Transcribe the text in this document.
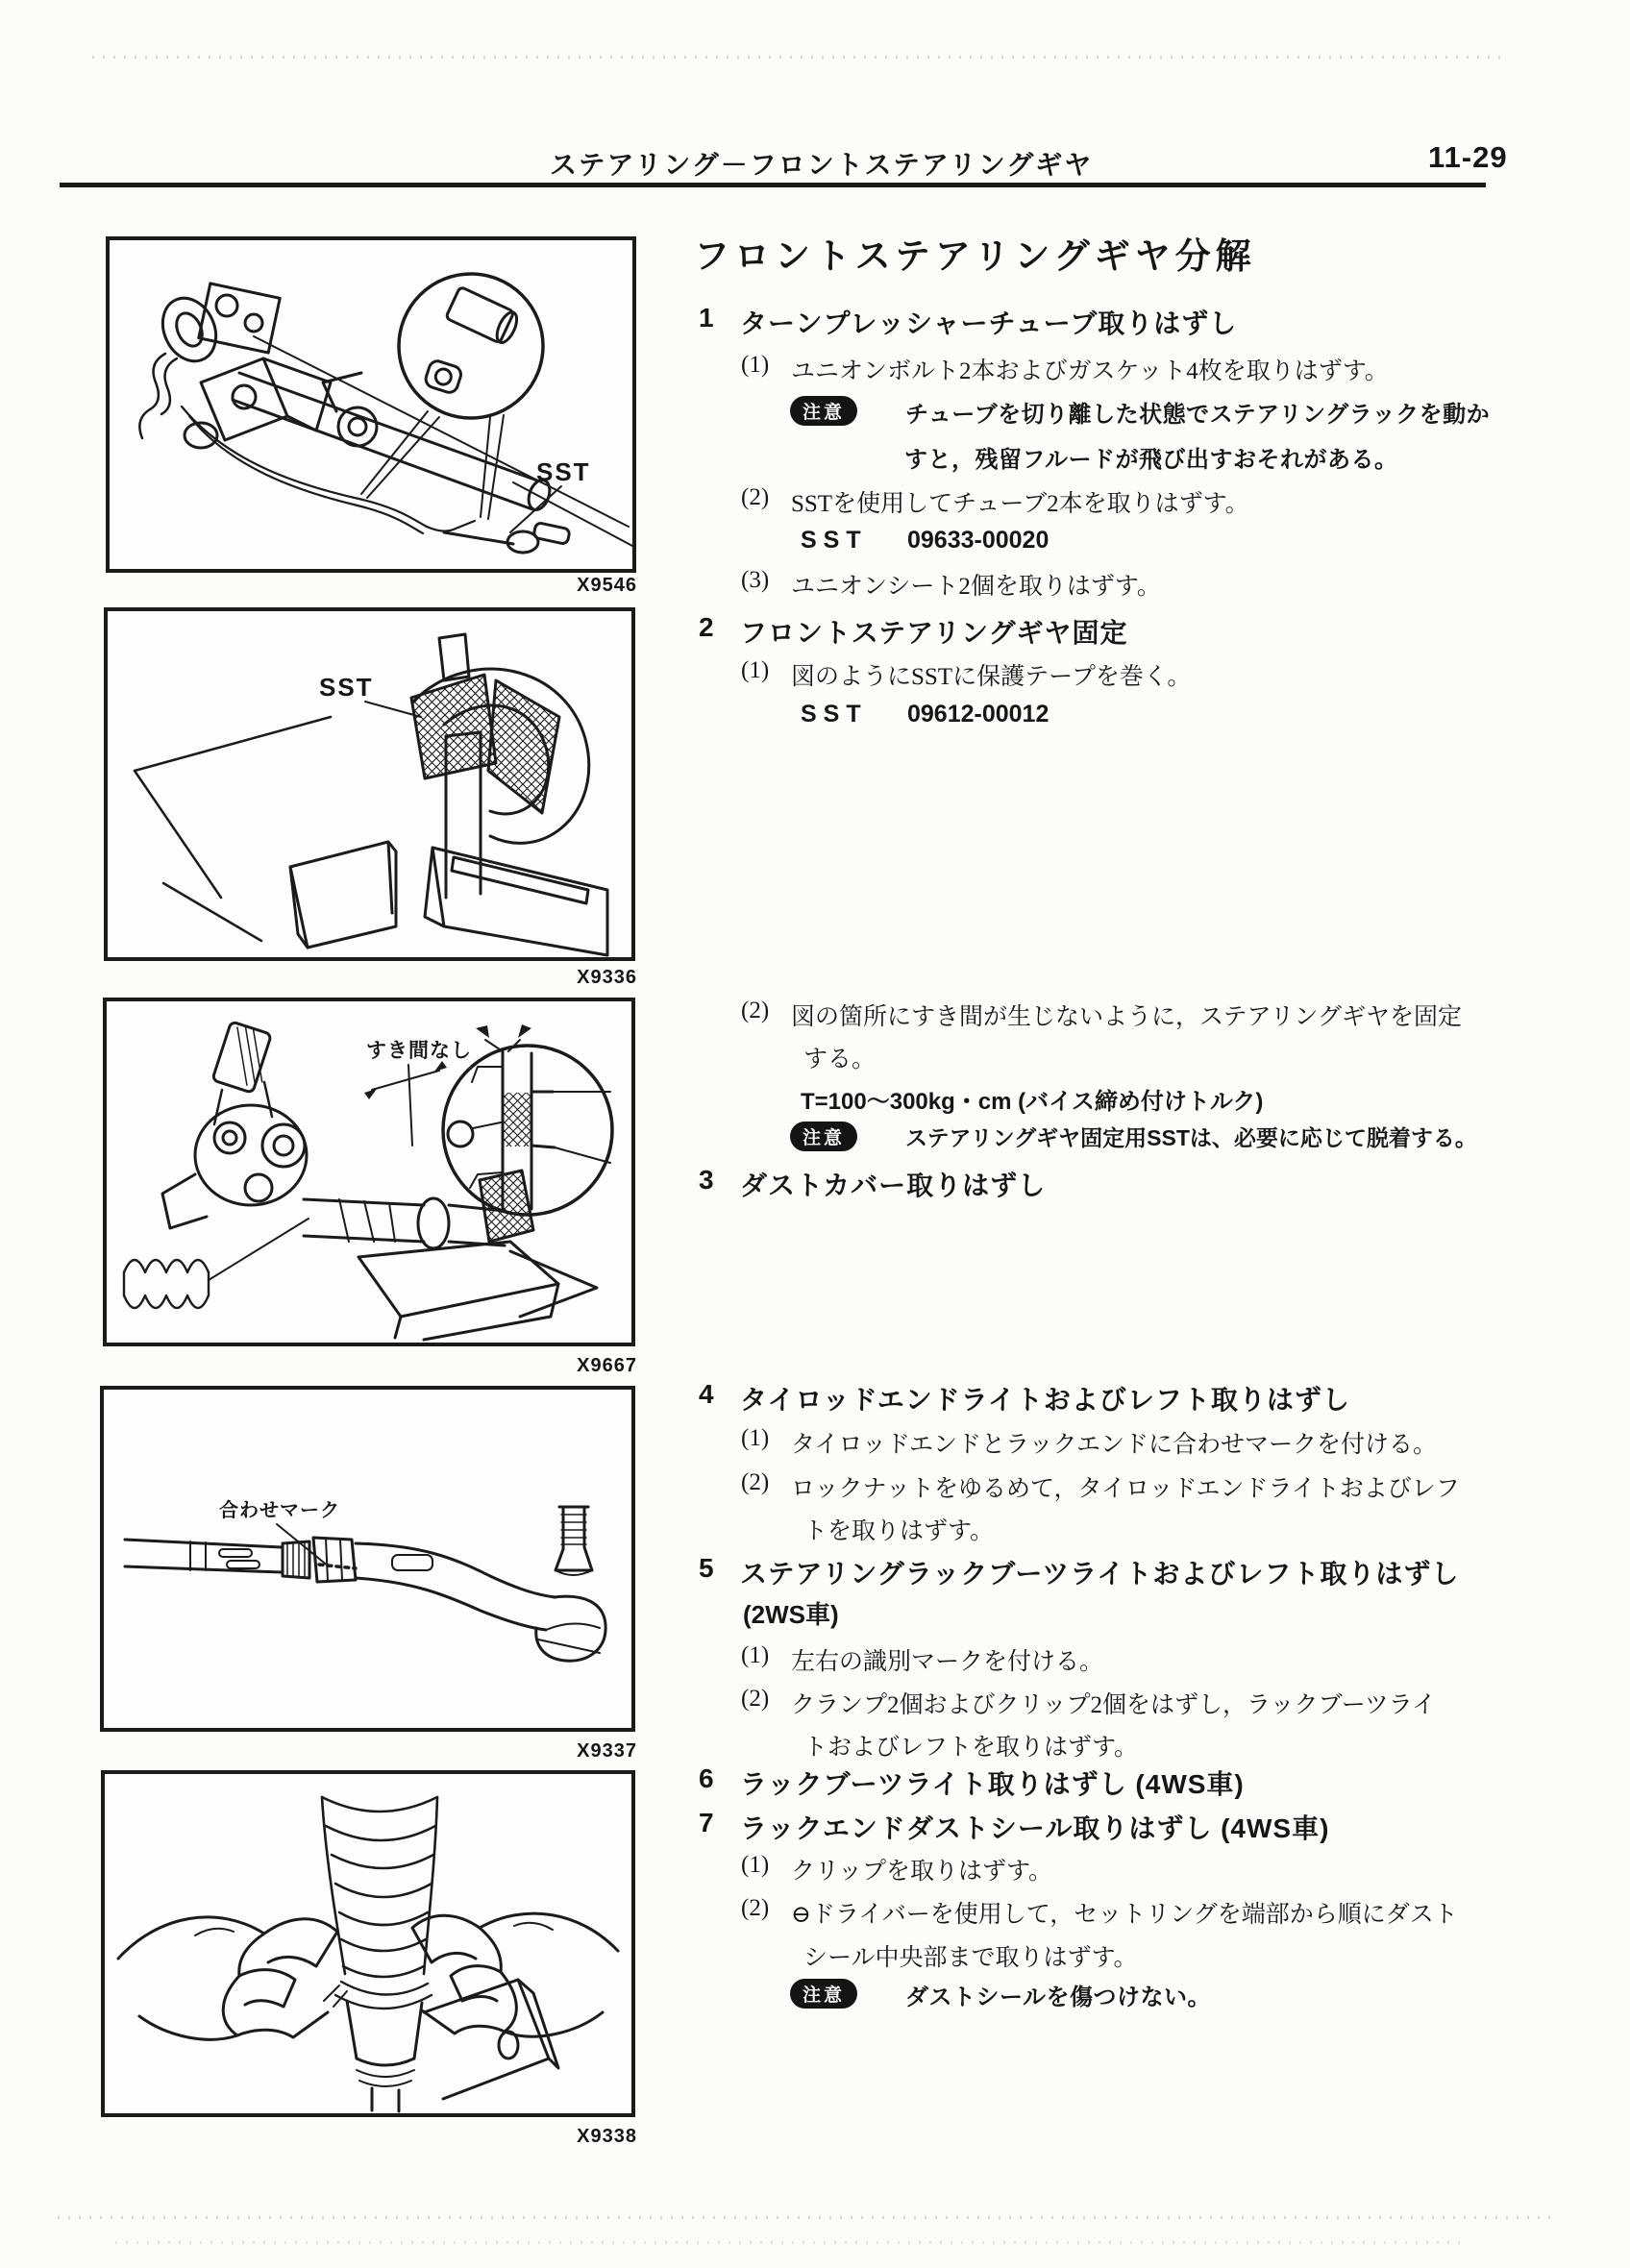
ステアリング－フロントステアリングギヤ	11-29
SST
X9546
SST
X9336
すき間なし
X9667
合わせマーク
X9337
X9338
フロントステアリングギヤ分解
1 ターンプレッシャーチューブ取りはずし
(1) ユニオンボルト2本およびガスケット4枚を取りはずす。
注意	チューブを切り離した状態でステアリングラックを動か
すと，残留フルードが飛び出すおそれがある。
(2) SSTを使用してチューブ2本を取りはずす。
SST	09633-00020
(3) ユニオンシート2個を取りはずす。
2 フロントステアリングギヤ固定
(1) 図のようにSSTに保護テープを巻く。
SST	09612-00012
(2) 図の箇所にすき間が生じないように，ステアリングギヤを固定
する。
T=100～300kg・cm (バイス締め付けトルク)
注意	ステアリングギヤ固定用SSTは、必要に応じて脱着する。
3 ダストカバー取りはずし
4 タイロッドエンドライトおよびレフト取りはずし
(1) タイロッドエンドとラックエンドに合わせマークを付ける。
(2) ロックナットをゆるめて，タイロッドエンドライトおよびレフ
トを取りはずす。
5 ステアリングラックブーツライトおよびレフト取りはずし
(2WS車)
(1) 左右の識別マークを付ける。
(2) クランプ2個およびクリップ2個をはずし，ラックブーツライ
トおよびレフトを取りはずす。
6 ラックブーツライト取りはずし (4WS車)
7 ラックエンドダストシール取りはずし (4WS車)
(1) クリップを取りはずす。
(2) ⊖ドライバーを使用して，セットリングを端部から順にダスト
シール中央部まで取りはずす。
注意	ダストシールを傷つけない。
